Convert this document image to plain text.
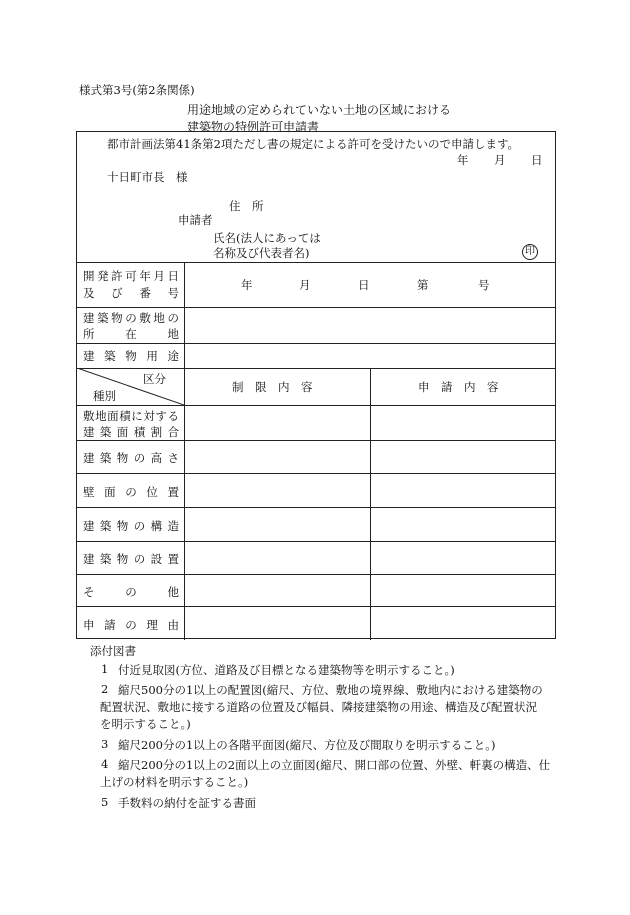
様式第3号(第2条関係)
用途地域の定められていない土地の区域における
建築物の特例許可申請書
都市計画法第41条第2項ただし書の規定による許可を受けたいので申請します。
年 月 日
十日町市長　様
住　所
申請者
氏名(法人にあっては
名称及び代表者名)	印
開発許可年月日
及　び　番　号
年	月	日	第	号
建築物の敷地の
所　　在　　地
建 築 物 用 途
区分
種別
制　限　内　容	申　請　内　容
敷地面積に対する
建築面積割合
建築物の高さ
壁面の位置
建築物の構造
建築物の設置
そ　の　他
申請の理由
添付図書
1 付近見取図(方位、道路及び目標となる建築物等を明示すること。)
2 縮尺500分の1以上の配置図(縮尺、方位、敷地の境界線、敷地内における建築物の
配置状況、敷地に接する道路の位置及び幅員、隣接建築物の用途、構造及び配置状況
を明示すること。)
3 縮尺200分の1以上の各階平面図(縮尺、方位及び間取りを明示すること。)
4 縮尺200分の1以上の2面以上の立面図(縮尺、開口部の位置、外壁、軒裏の構造、仕
上げの材料を明示すること。)
5 手数料の納付を証する書面
